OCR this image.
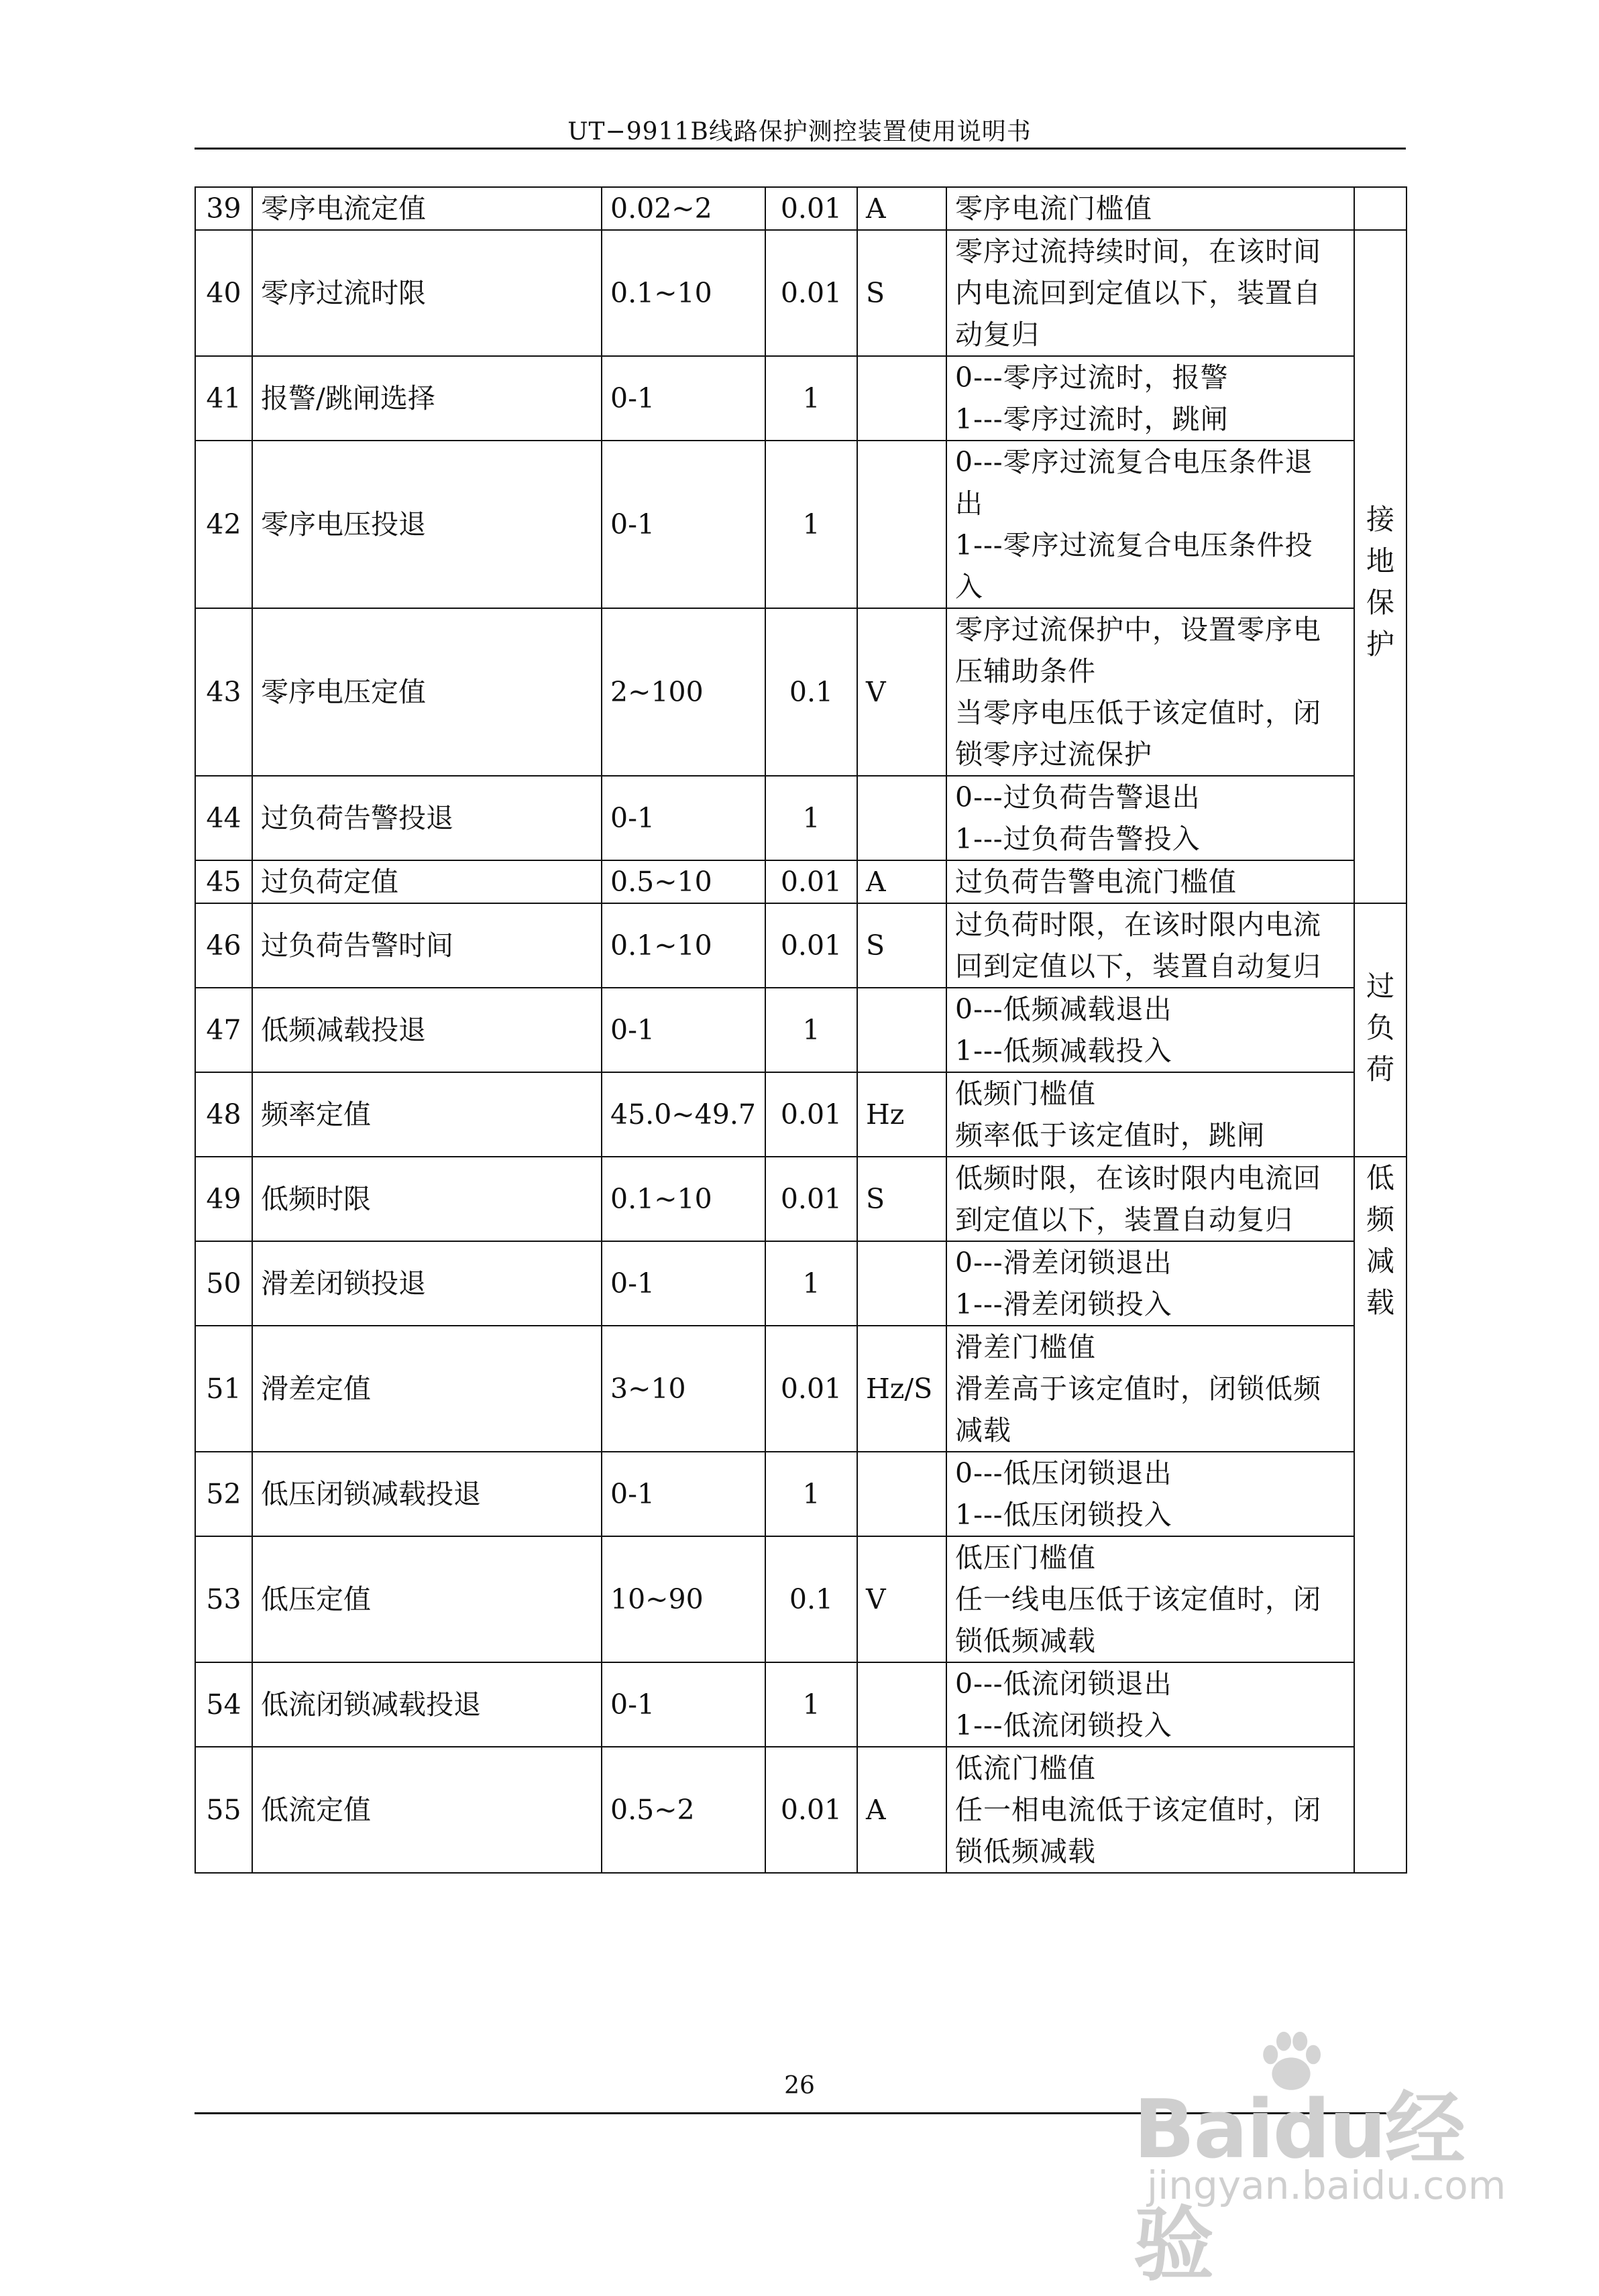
UT−9911B线路保护测控装置使用说明书
39	零序电流定值	0.02~2	0.01	A	零序电流门槛值	

40	零序过流时限	0.1~10	0.01	S	零序过流持续时间，在该时间
内电流回到定值以下，装置自
动复归	接地保护

41	报警/跳闸选择	0-1	1		0---零序过流时，报警
1---零序过流时，跳闸	

42	零序电压投退	0-1	1		0---零序过流复合电压条件退
出
1---零序过流复合电压条件投
入	

43	零序电压定值	2~100	0.1	V	零序过流保护中，设置零序电
压辅助条件
当零序电压低于该定值时，闭
锁零序过流保护	

44	过负荷告警投退	0-1	1		0---过负荷告警退出
1---过负荷告警投入	

45	过负荷定值	0.5~10	0.01	A	过负荷告警电流门槛值	

46	过负荷告警时间	0.1~10	0.01	S	过负荷时限，在该时限内电流
回到定值以下，装置自动复归	过负荷

47	低频减载投退	0-1	1		0---低频减载退出
1---低频减载投入	

48	频率定值	45.0~49.7	0.01	Hz	低频门槛值
频率低于该定值时，跳闸	

49	低频时限	0.1~10	0.01	S	低频时限，在该时限内电流回
到定值以下，装置自动复归	低频减载

50	滑差闭锁投退	0-1	1		0---滑差闭锁退出
1---滑差闭锁投入	

51	滑差定值	3~10	0.01	Hz/S	滑差门槛值
滑差高于该定值时，闭锁低频
减载	

52	低压闭锁减载投退	0-1	1		0---低压闭锁退出
1---低压闭锁投入	

53	低压定值	10~90	0.1	V	低压门槛值
任一线电压低于该定值时，闭
锁低频减载	

54	低流闭锁减载投退	0-1	1		0---低流闭锁退出
1---低流闭锁投入	

55	低流定值	0.5~2	0.01	A	低流门槛值
任一相电流低于该定值时，闭
锁低频减载	
26	Baidu经验
jingyan.baidu.com
